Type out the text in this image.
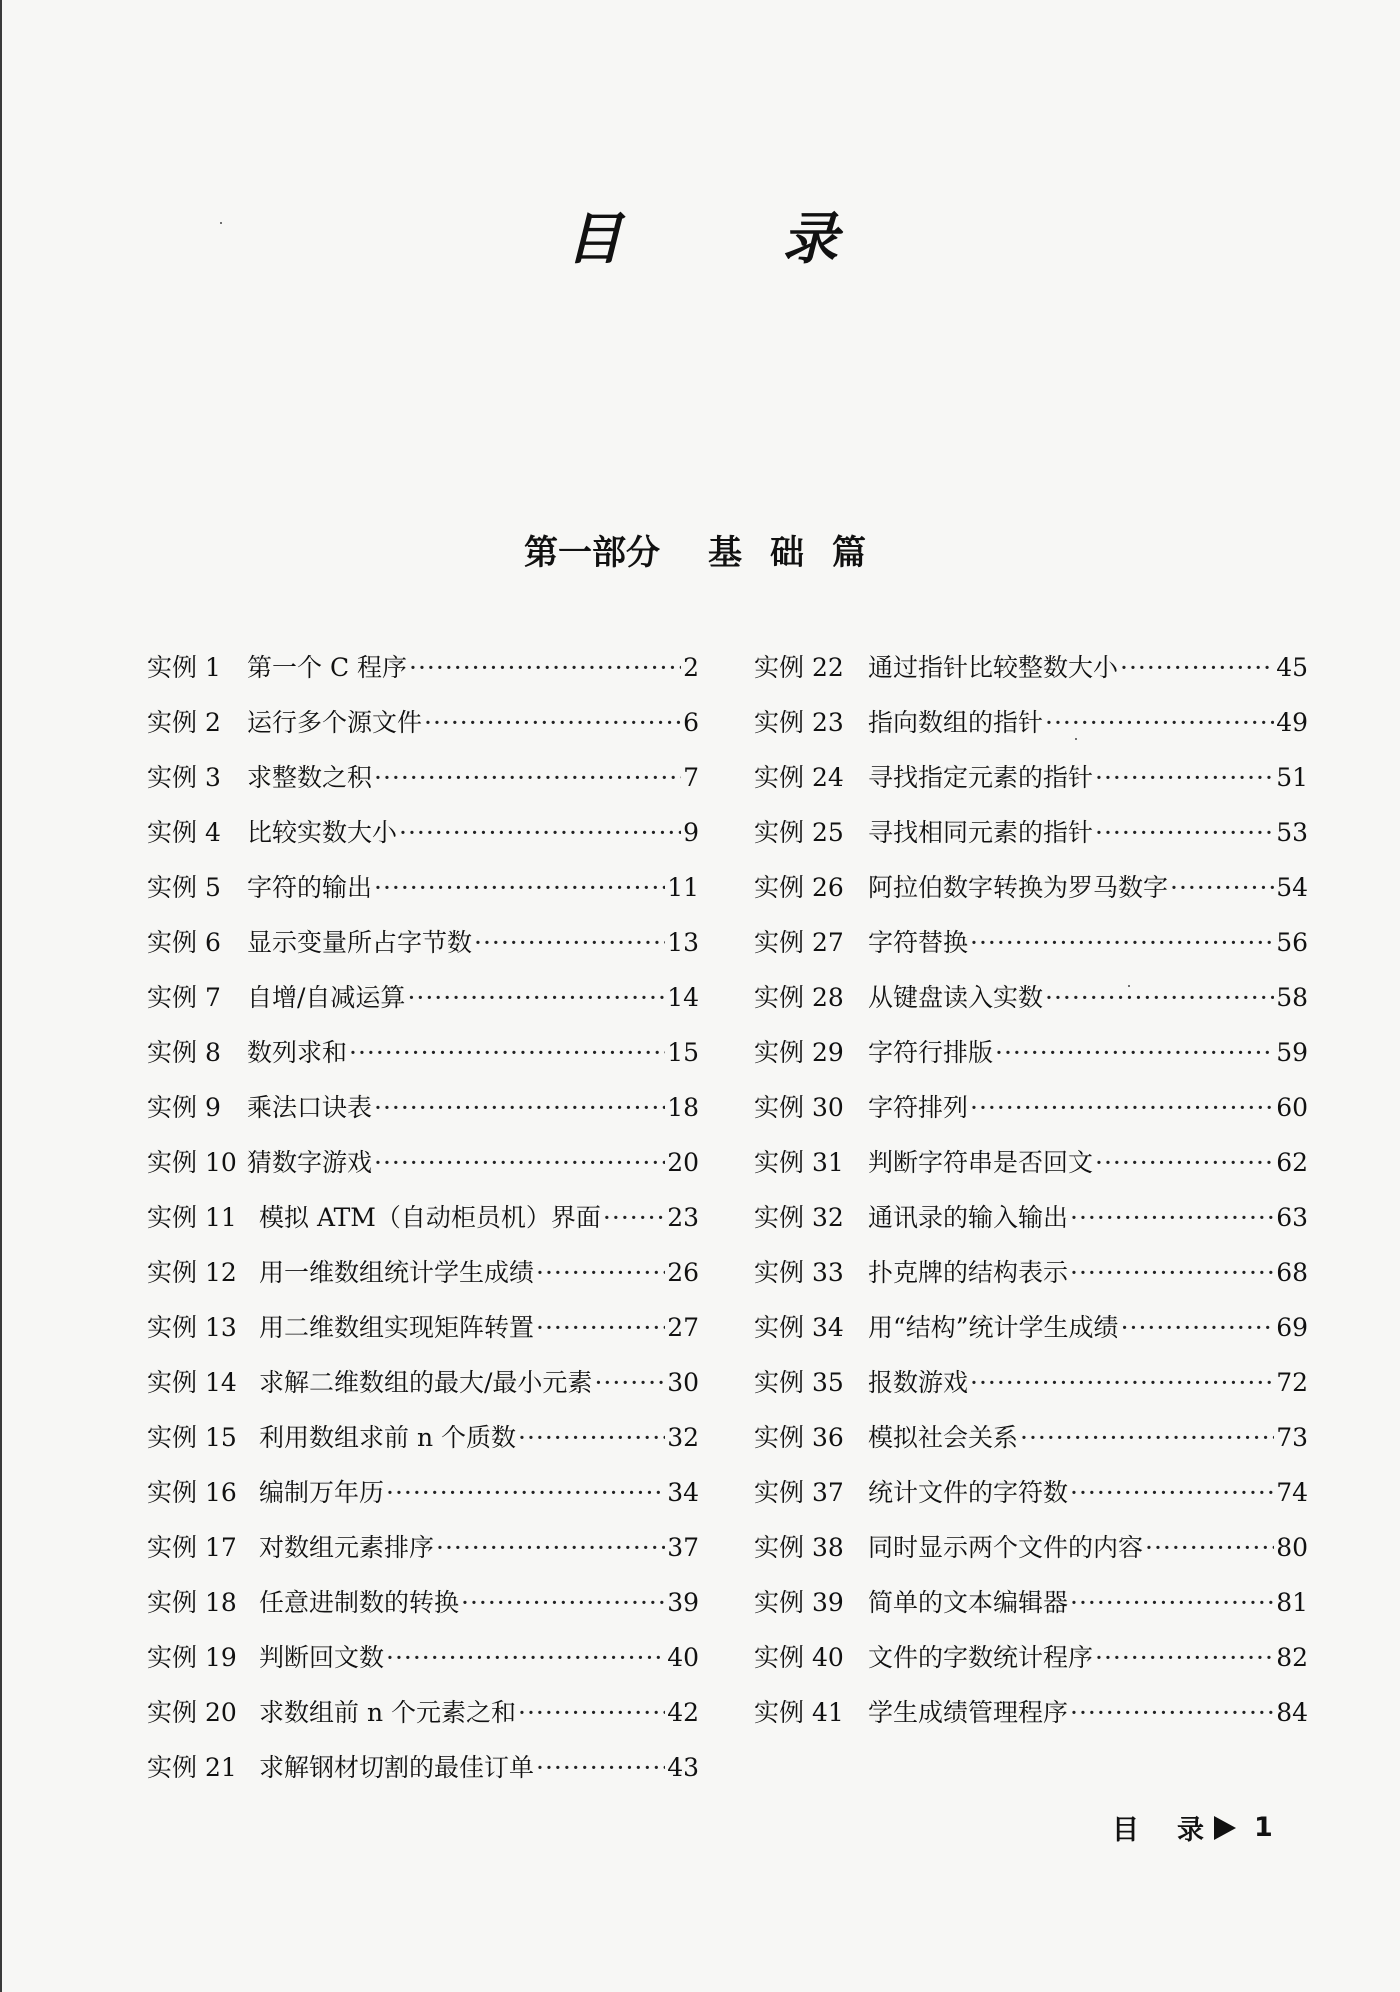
目	录
第一部分 基 础 篇
实例 1	第一个 C 程序 ·····	2
实例 2	运行多个源文件 ·····	6
实例 3	求整数之积 ·····	7
实例 4	比较实数大小 ·····	9
实例 5	字符的输出 ·····	11
实例 6	显示变量所占字节数 ·····	13
实例 7	自增/自减运算 ·····	14
实例 8	数列求和 ·····	15
实例 9	乘法口诀表 ·····	18
实例 10 猜数字游戏 ·····	20
实例 11 模拟 ATM（自动柜员机）界面 ·····	23
实例 12 用一维数组统计学生成绩 ·····	26
实例 13 用二维数组实现矩阵转置 ·····	27
实例 14 求解二维数组的最大/最小元素 ·····	30
实例 15 利用数组求前 n 个质数 ·····	32
实例 16 编制万年历 ·····	34
实例 17 对数组元素排序 ·····	37
实例 18 任意进制数的转换 ·····	39
实例 19 判断回文数 ·····	40
实例 20 求数组前 n 个元素之和 ·····	42
实例 21 求解钢材切割的最佳订单 ·····	43
实例 22 通过指针比较整数大小 ·····	45
实例 23 指向数组的指针 ·····	49
实例 24 寻找指定元素的指针 ·····	51
实例 25 寻找相同元素的指针 ·····	53
实例 26 阿拉伯数字转换为罗马数字 ·····	54
实例 27 字符替换 ·····	56
实例 28 从键盘读入实数 ·····	58
实例 29 字符行排版 ·····	59
实例 30 字符排列 ·····	60
实例 31 判断字符串是否回文 ·····	62
实例 32 通讯录的输入输出 ·····	63
实例 33 扑克牌的结构表示 ·····	68
实例 34 用“结构”统计学生成绩 ·····	69
实例 35 报数游戏 ·····	72
实例 36 模拟社会关系 ·····	73
实例 37 统计文件的字符数 ·····	74
实例 38 同时显示两个文件的内容 ·····	80
实例 39 简单的文本编辑器 ·····	81
实例 40 文件的字数统计程序 ·····	82
实例 41 学生成绩管理程序 ·····	84
目 录	1
